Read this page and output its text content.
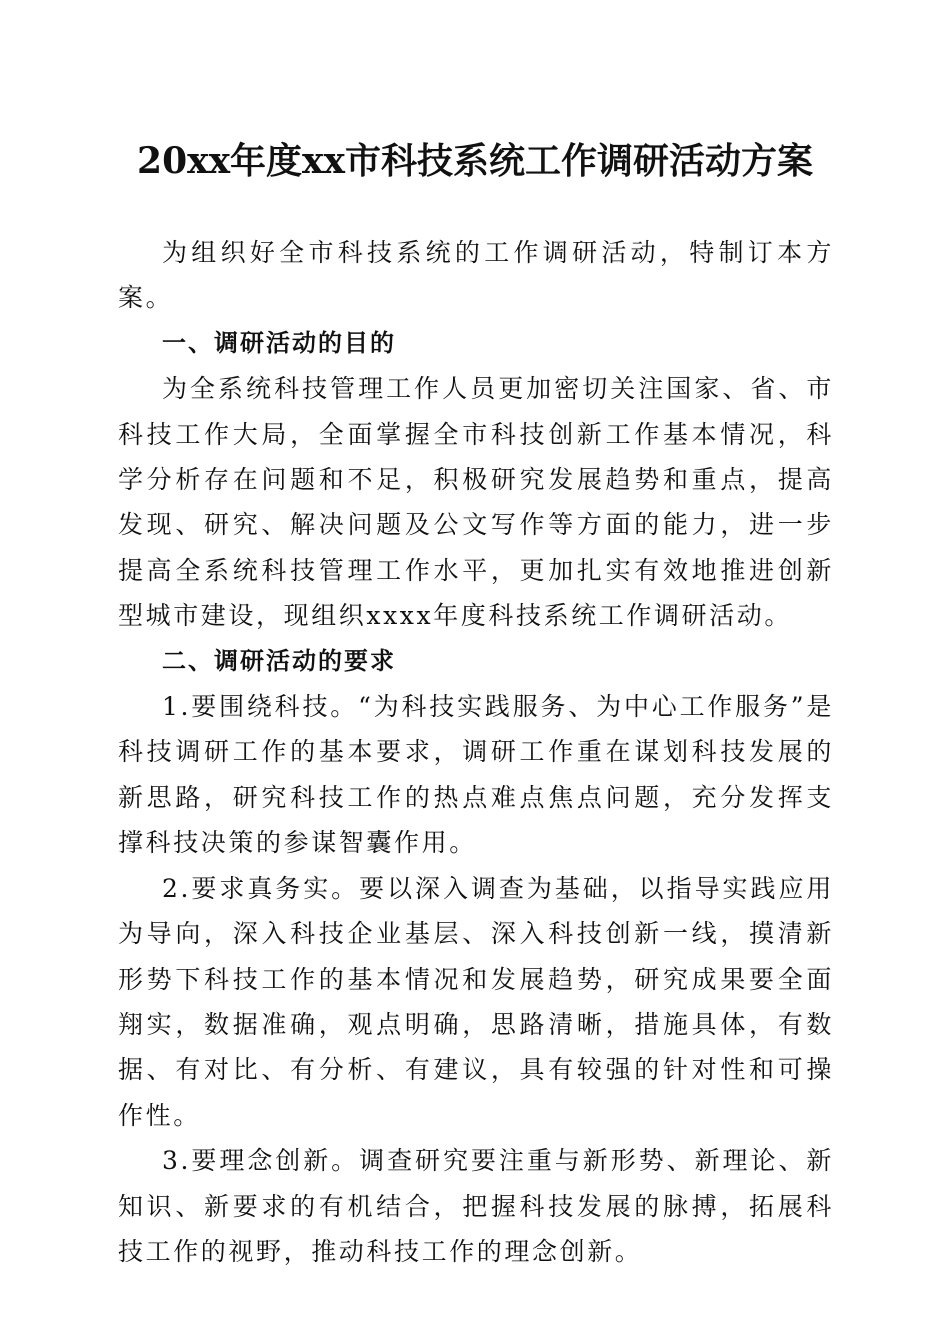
20xx年度xx市科技系统工作调研活动方案

为组织好全市科技系统的工作调研活动，特制订本方案。

一、调研活动的目的

为全系统科技管理工作人员更加密切关注国家、省、市科技工作大局，全面掌握全市科技创新工作基本情况，科学分析存在问题和不足，积极研究发展趋势和重点，提高发现、研究、解决问题及公文写作等方面的能力，进一步提高全系统科技管理工作水平，更加扎实有效地推进创新型城市建设，现组织xxxx年度科技系统工作调研活动。

二、调研活动的要求

1.要围绕科技。“为科技实践服务、为中心工作服务”是科技调研工作的基本要求，调研工作重在谋划科技发展的新思路，研究科技工作的热点难点焦点问题，充分发挥支撑科技决策的参谋智囊作用。

2.要求真务实。要以深入调查为基础，以指导实践应用为导向，深入科技企业基层、深入科技创新一线，摸清新形势下科技工作的基本情况和发展趋势，研究成果要全面翔实，数据准确，观点明确，思路清晰，措施具体，有数据、有对比、有分析、有建议，具有较强的针对性和可操作性。

3.要理念创新。调查研究要注重与新形势、新理论、新知识、新要求的有机结合，把握科技发展的脉搏，拓展科技工作的视野，推动科技工作的理念创新。
